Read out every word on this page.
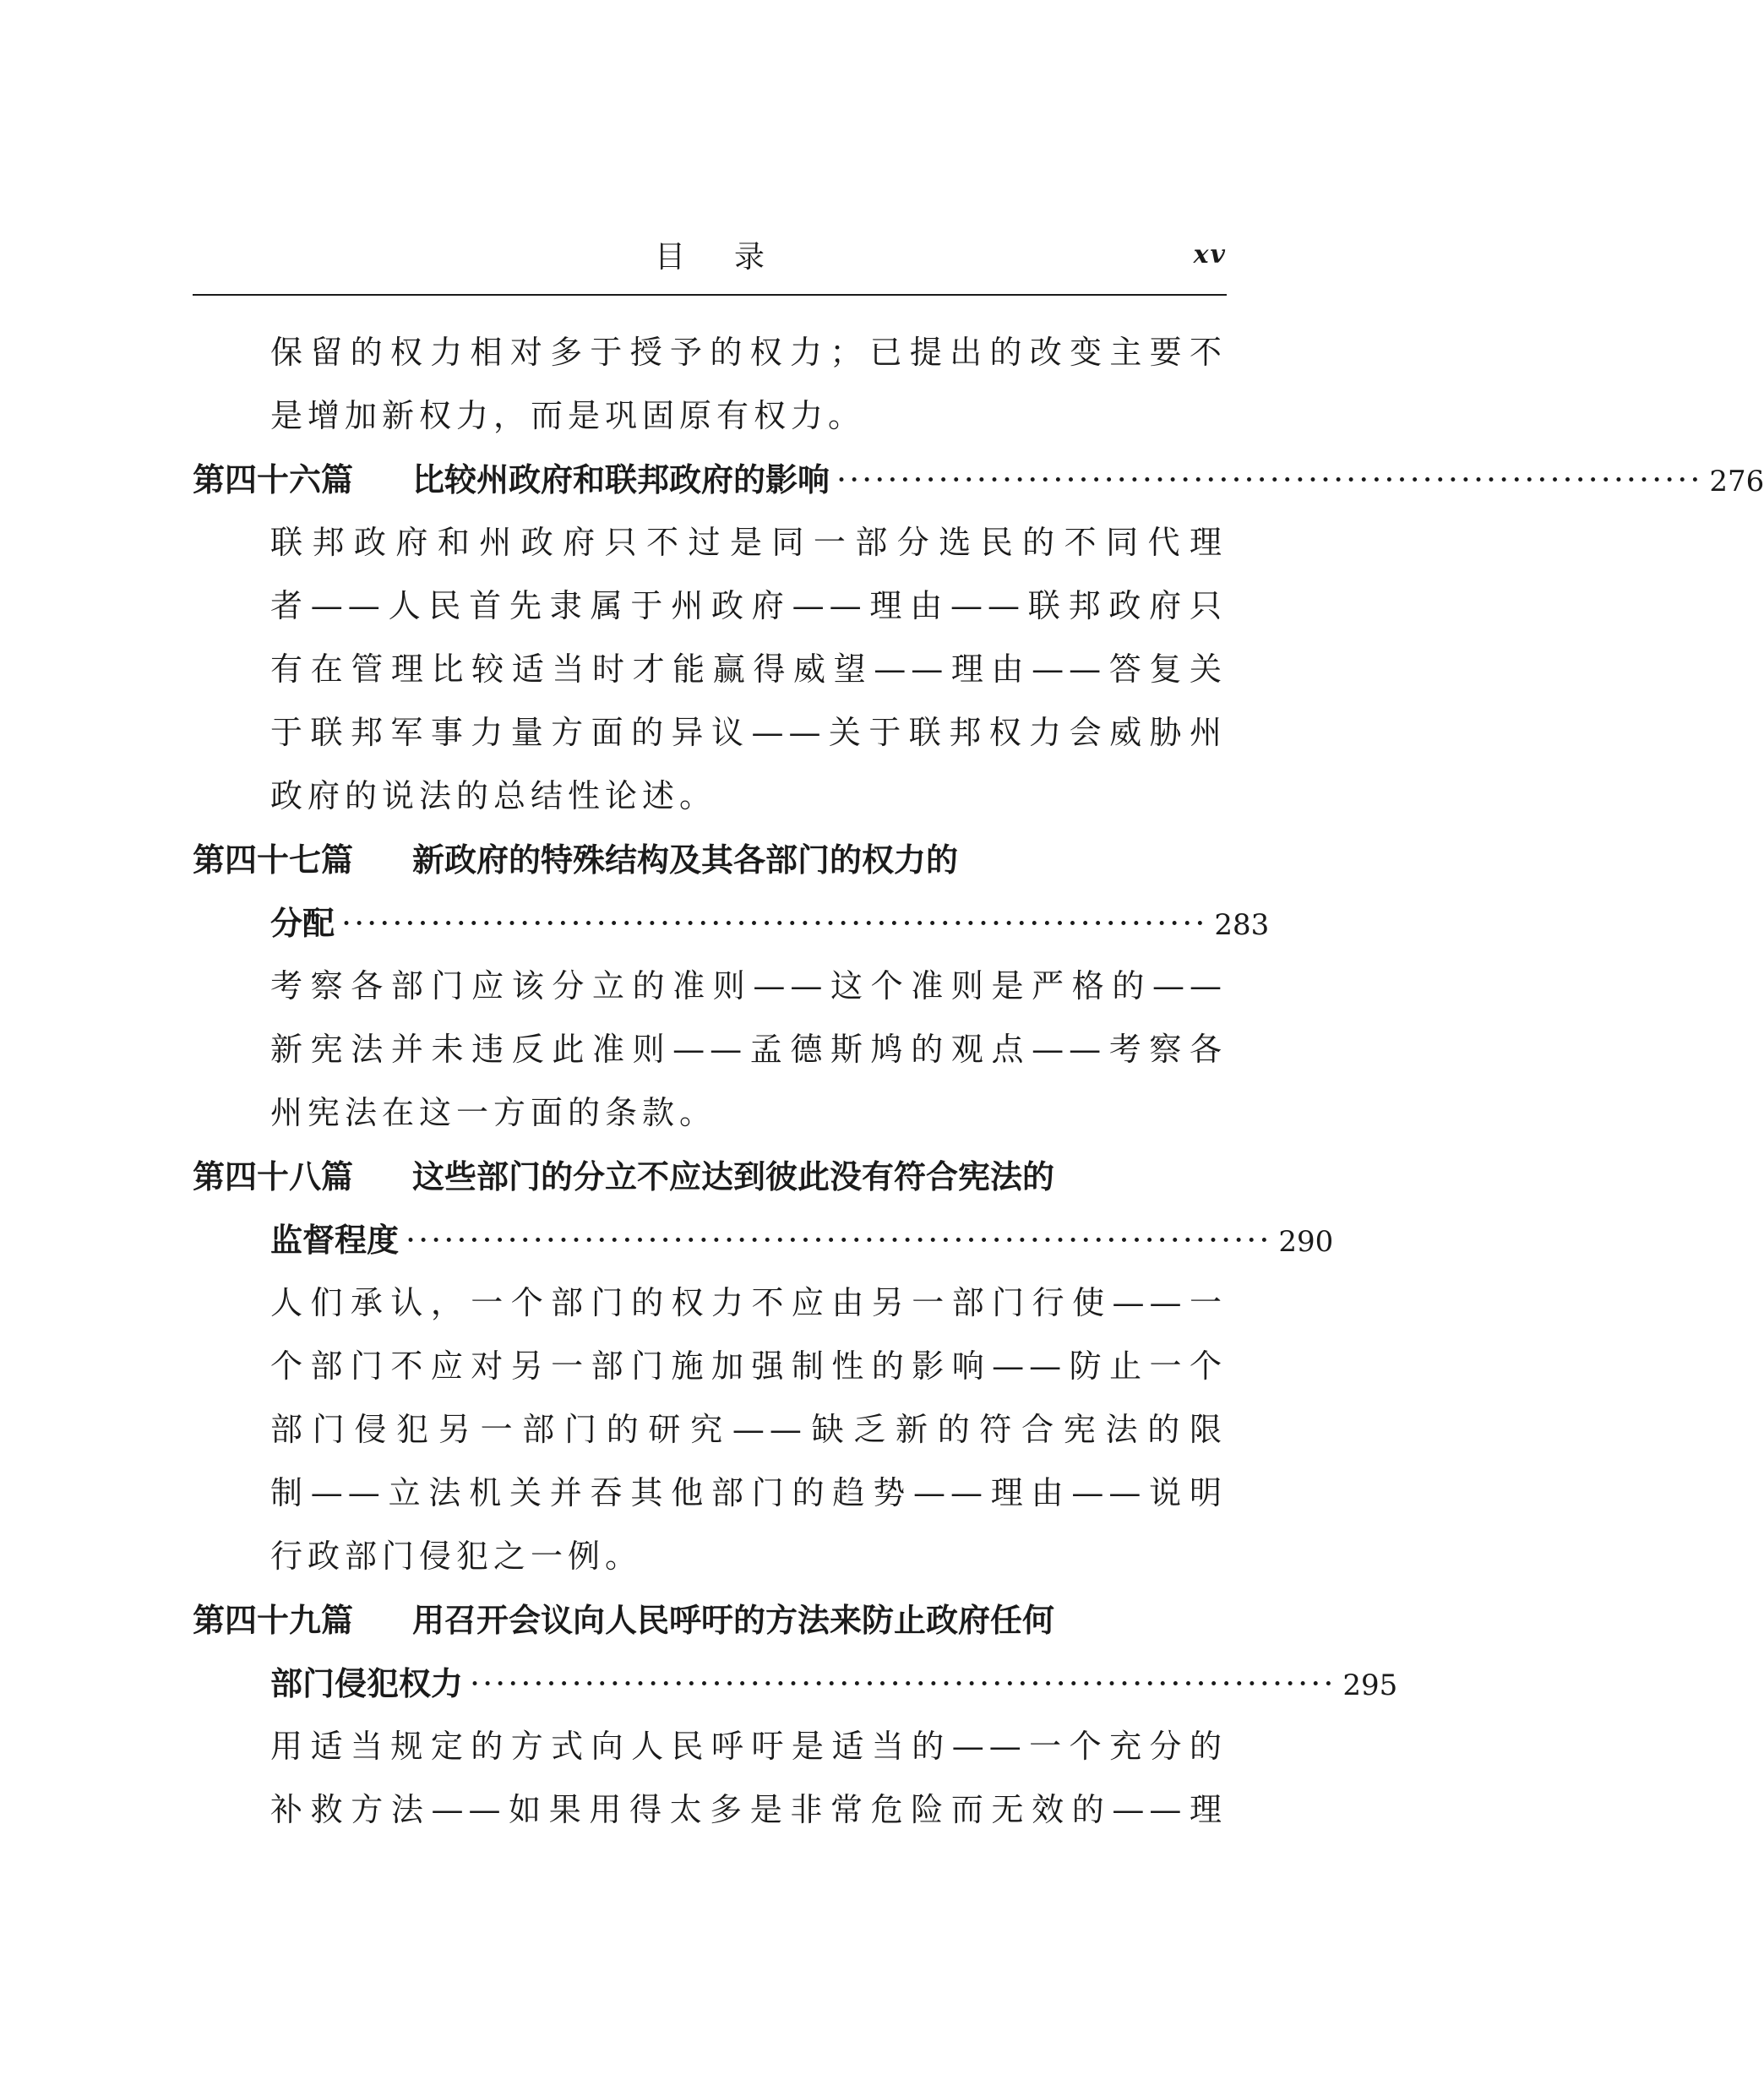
目录	xv
保留的权力相对多于授予的权力；已提出的改变主要不
是增加新权力，而是巩固原有权力。
第四十六篇 比较州政府和联邦政府的影响 ···································································· 276
联邦政府和州政府只不过是同一部分选民的不同代理
者——人民首先隶属于州政府——理由——联邦政府只
有在管理比较适当时才能赢得威望——理由——答复关
于联邦军事力量方面的异议——关于联邦权力会威胁州
政府的说法的总结性论述。
第四十七篇 新政府的特殊结构及其各部门的权力的
分配 ···································································· 283
考察各部门应该分立的准则——这个准则是严格的——
新宪法并未违反此准则——孟德斯鸠的观点——考察各
州宪法在这一方面的条款。
第四十八篇 这些部门的分立不应达到彼此没有符合宪法的
监督程度 ···································································· 290
人们承认，一个部门的权力不应由另一部门行使——一
个部门不应对另一部门施加强制性的影响——防止一个
部门侵犯另一部门的研究——缺乏新的符合宪法的限
制——立法机关并吞其他部门的趋势——理由——说明
行政部门侵犯之一例。
第四十九篇 用召开会议向人民呼吁的方法来防止政府任何
部门侵犯权力 ···································································· 295
用适当规定的方式向人民呼吁是适当的——一个充分的
补救方法——如果用得太多是非常危险而无效的——理
